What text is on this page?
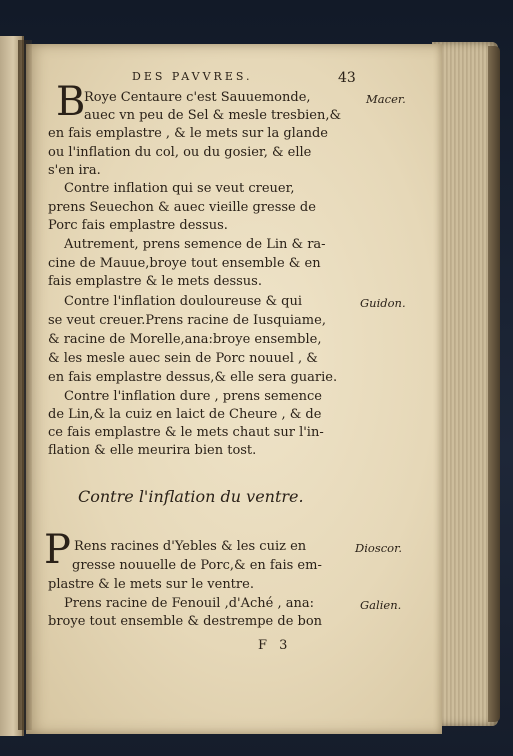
DES PAVVRES.	43
B
Roye Centaure c'est Sauuemonde,
auec vn peu de Sel & mesle tresbien,&
en fais emplastre , & le mets sur la glande
ou l'inflation du col, ou du gosier, & elle
s'en ira.
Contre inflation qui se veut creuer,
prens Seuechon & auec vieille gresse de
Porc fais emplastre dessus.
Autrement, prens semence de Lin & ra-
cine de Mauue,broye tout ensemble & en
fais emplastre & le mets dessus.
Contre l'inflation douloureuse & qui
se veut creuer.Prens racine de Iusquiame,
& racine de Morelle,ana:broye ensemble,
& les mesle auec sein de Porc nouuel , &
en fais emplastre dessus,& elle sera guarie.
Contre l'inflation dure , prens semence
de Lin,& la cuiz en laict de Cheure , & de
ce fais emplastre & le mets chaut sur l'in-
flation & elle meurira bien tost.
Macer.
Guidon.
Dioscor.
Galien.
Contre l'inflation du ventre.
P Rens racines d'Yebles & les cuiz en
gresse nouuelle de Porc,& en fais em-
plastre & le mets sur le ventre.
Prens racine de Fenouil ,d'Aché , ana:
broye tout ensemble & destrempe de bon
F 3
